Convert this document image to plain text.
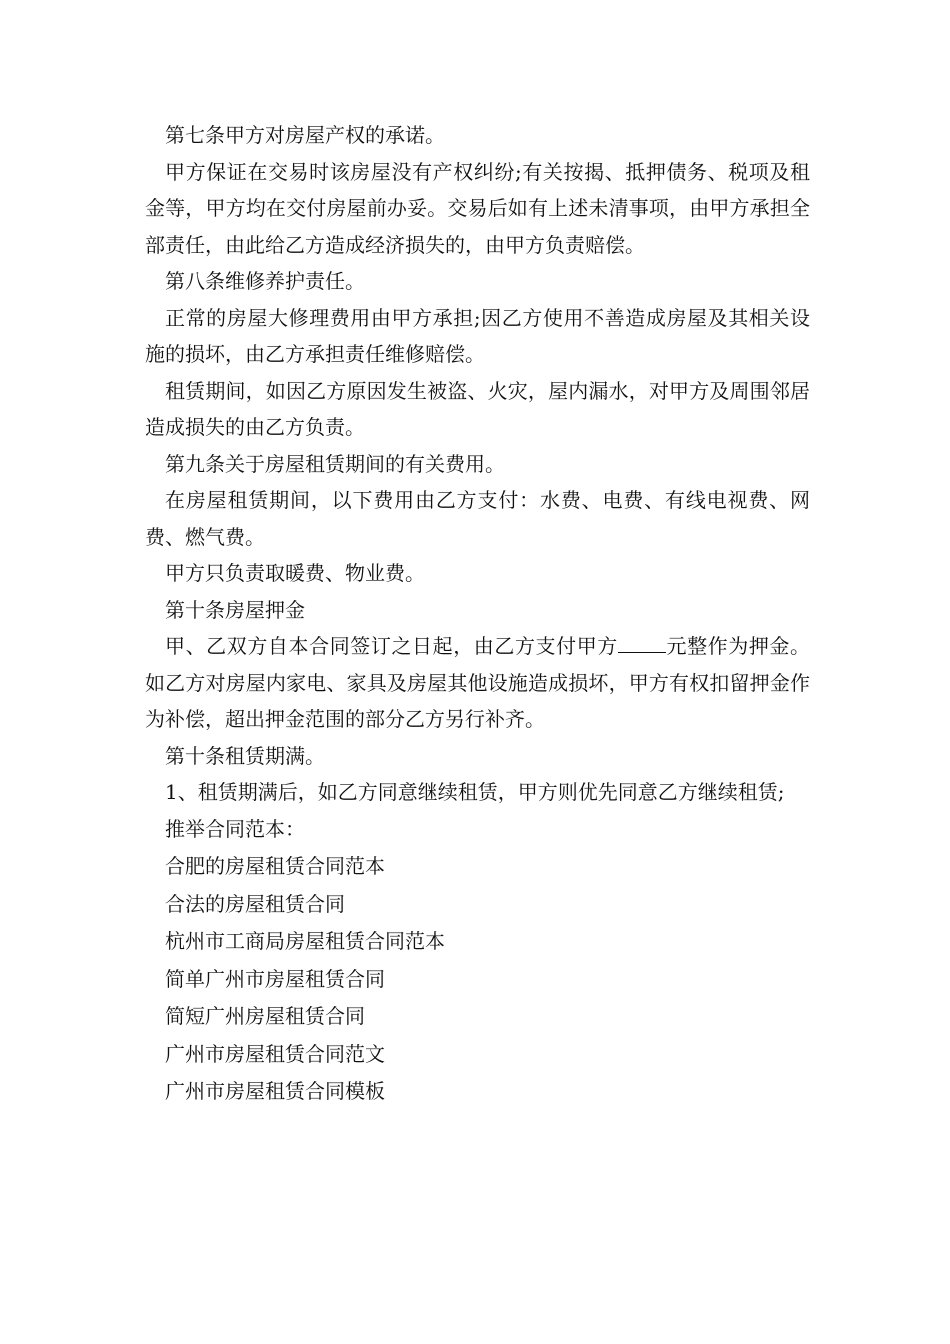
第七条甲方对房屋产权的承诺。

甲方保证在交易时该房屋没有产权纠纷;有关按揭、抵押债务、税项及租金等，甲方均在交付房屋前办妥。交易后如有上述未清事项，由甲方承担全部责任，由此给乙方造成经济损失的，由甲方负责赔偿。

第八条维修养护责任。

正常的房屋大修理费用由甲方承担;因乙方使用不善造成房屋及其相关设施的损坏，由乙方承担责任维修赔偿。

租赁期间，如因乙方原因发生被盗、火灾，屋内漏水，对甲方及周围邻居造成损失的由乙方负责。

第九条关于房屋租赁期间的有关费用。

在房屋租赁期间，以下费用由乙方支付：水费、电费、有线电视费、网费、燃气费。

甲方只负责取暖费、物业费。

第十条房屋押金

甲、乙双方自本合同签订之日起，由乙方支付甲方 元整作为押金。如乙方对房屋内家电、家具及房屋其他设施造成损坏，甲方有权扣留押金作为补偿，超出押金范围的部分乙方另行补齐。

第十条租赁期满。

1、租赁期满后，如乙方同意继续租赁，甲方则优先同意乙方继续租赁;

推举合同范本：

合肥的房屋租赁合同范本

合法的房屋租赁合同

杭州市工商局房屋租赁合同范本

简单广州市房屋租赁合同

简短广州房屋租赁合同

广州市房屋租赁合同范文

广州市房屋租赁合同模板
